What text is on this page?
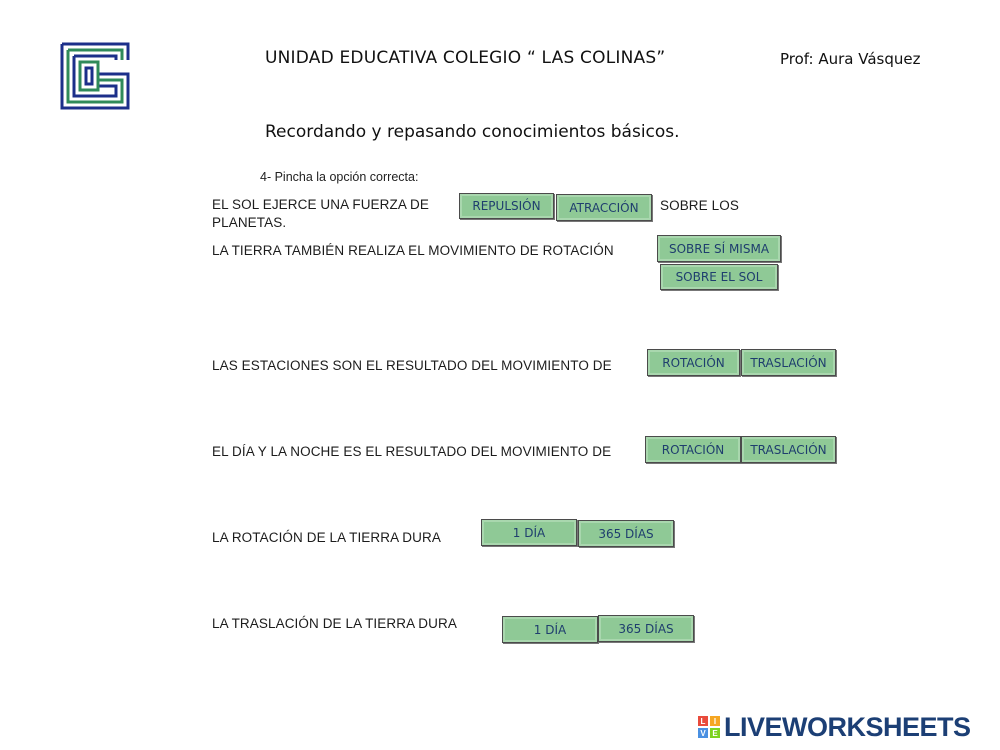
UNIDAD EDUCATIVA COLEGIO “ LAS COLINAS”	Prof: Aura Vásquez
Recordando y repasando conocimientos básicos.
4- Pincha la opción correcta:
EL SOL EJERCE UNA FUERZA DE	REPULSIÓN	ATRACCIÓN	SOBRE LOS
PLANETAS.
LA TIERRA TAMBIÉN REALIZA EL MOVIMIENTO DE ROTACIÓN	SOBRE SÍ MISMA
SOBRE EL SOL
LAS ESTACIONES SON EL RESULTADO DEL MOVIMIENTO DE	ROTACIÓN	TRASLACIÓN
EL DÍA Y LA NOCHE ES EL RESULTADO DEL MOVIMIENTO DE	ROTACIÓN	TRASLACIÓN
LA ROTACIÓN DE LA TIERRA DURA	1 DÍA	365 DÍAS
LA TRASLACIÓN DE LA TIERRA DURA	1 DÍA	365 DÍAS
L	I
V E LIVEWORKSHEETS
